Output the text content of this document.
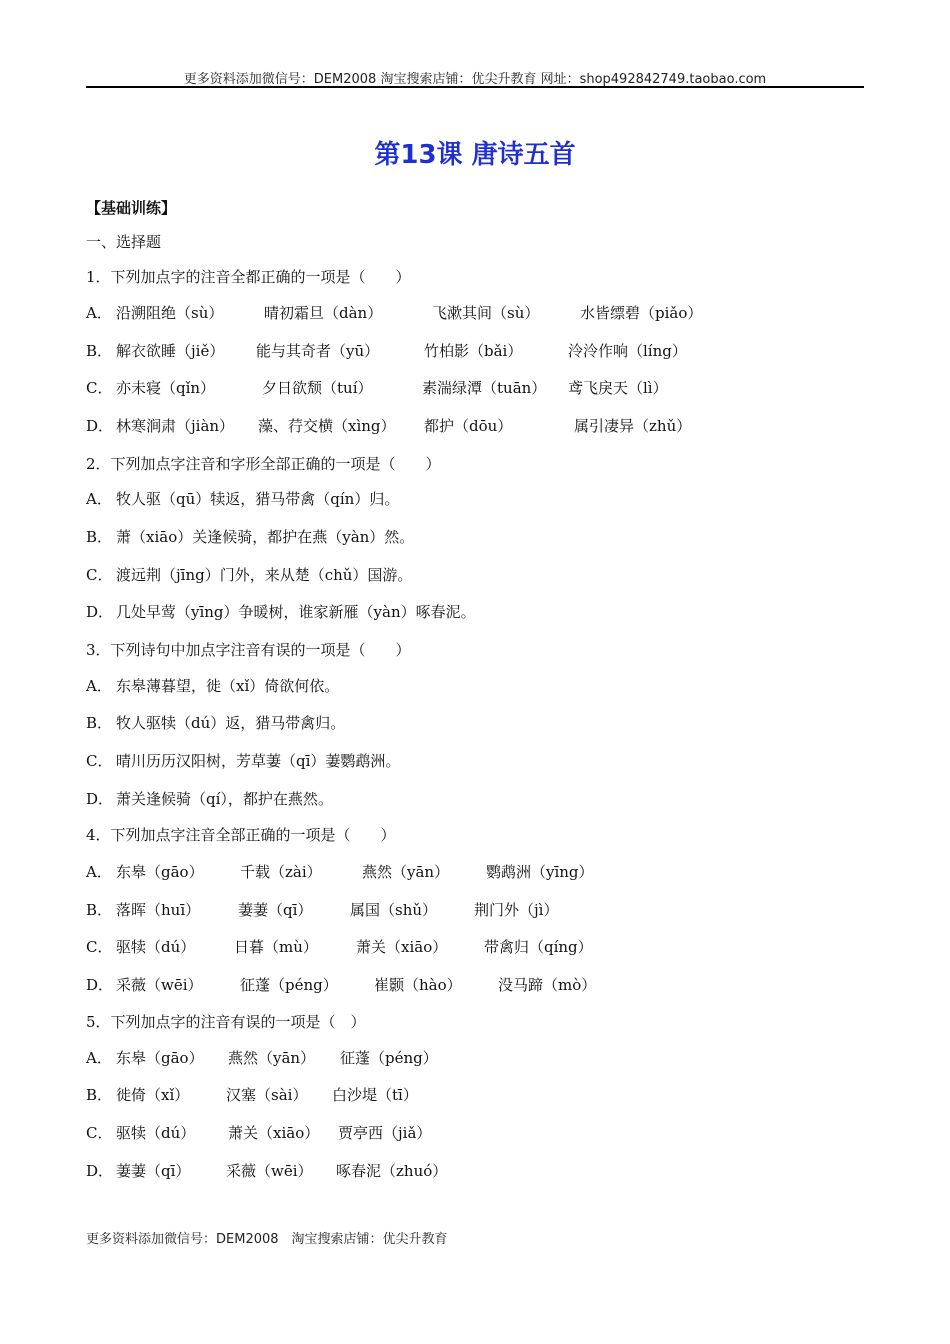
更多资料添加微信号：DEM2008 淘宝搜索店铺：优尖升教育 网址：shop492842749.taobao.com
第13课 唐诗五首
【基础训练】
一、选择题
1．下列加点字的注音全都正确的一项是（　　）
A． 沿溯阻绝（sù）	晴初霜旦（dàn）	飞漱其间（sù）	水皆缥碧（piǎo）
B． 解衣欲睡（jiě）	能与其奇者（yū）	竹柏影（bǎi）	泠泠作响（líng）
C． 亦未寝（qǐn）	夕日欲颓（tuí）	素湍绿潭（tuān）	鸢飞戾天（lì）
D． 林寒涧肃（jiàn）	藻、荇交横（xìng）	都护（dōu）	属引凄异（zhǔ）
2．下列加点字注音和字形全部正确的一项是（　　）
A． 牧人驱（qū）犊返，猎马带禽（qín）归。
B． 萧（xiāo）关逢候骑，都护在燕（yàn）然。
C． 渡远荆（jīng）门外，来从楚（chǔ）国游。
D． 几处早莺（yīng）争暖树，谁家新雁（yàn）啄春泥。
3．下列诗句中加点字注音有误的一项是（　　）
A． 东皋薄暮望，徙（xǐ）倚欲何依。
B． 牧人驱犊（dú）返，猎马带禽归。
C． 晴川历历汉阳树，芳草萋（qī）萋鹦鹉洲。
D． 萧关逢候骑（qí），都护在燕然。
4．下列加点字注音全部正确的一项是（　　）
A． 东皋（gāo）	千载（zài）	燕然（yān）	鹦鹉洲（yīng）
B． 落晖（huī）	萋萋（qī）	属国（shǔ）	荆门外（jì）
C． 驱犊（dú）	日暮（mù）	萧关（xiāo）	带禽归（qíng）
D． 采薇（wēi）	征蓬（péng）	崔颢（hào）	没马蹄（mò）
5．下列加点字的注音有误的一项是（　）
A． 东皋（gāo）	燕然（yān）	征蓬（péng）
B． 徙倚（xǐ）	汉塞（sài）	白沙堤（tī）
C． 驱犊（dú）	萧关（xiāo）	贾亭西（jiǎ）
D． 萋萋（qī）	采薇（wēi）	啄春泥（zhuó）
更多资料添加微信号：DEM2008　淘宝搜索店铺：优尖升教育
